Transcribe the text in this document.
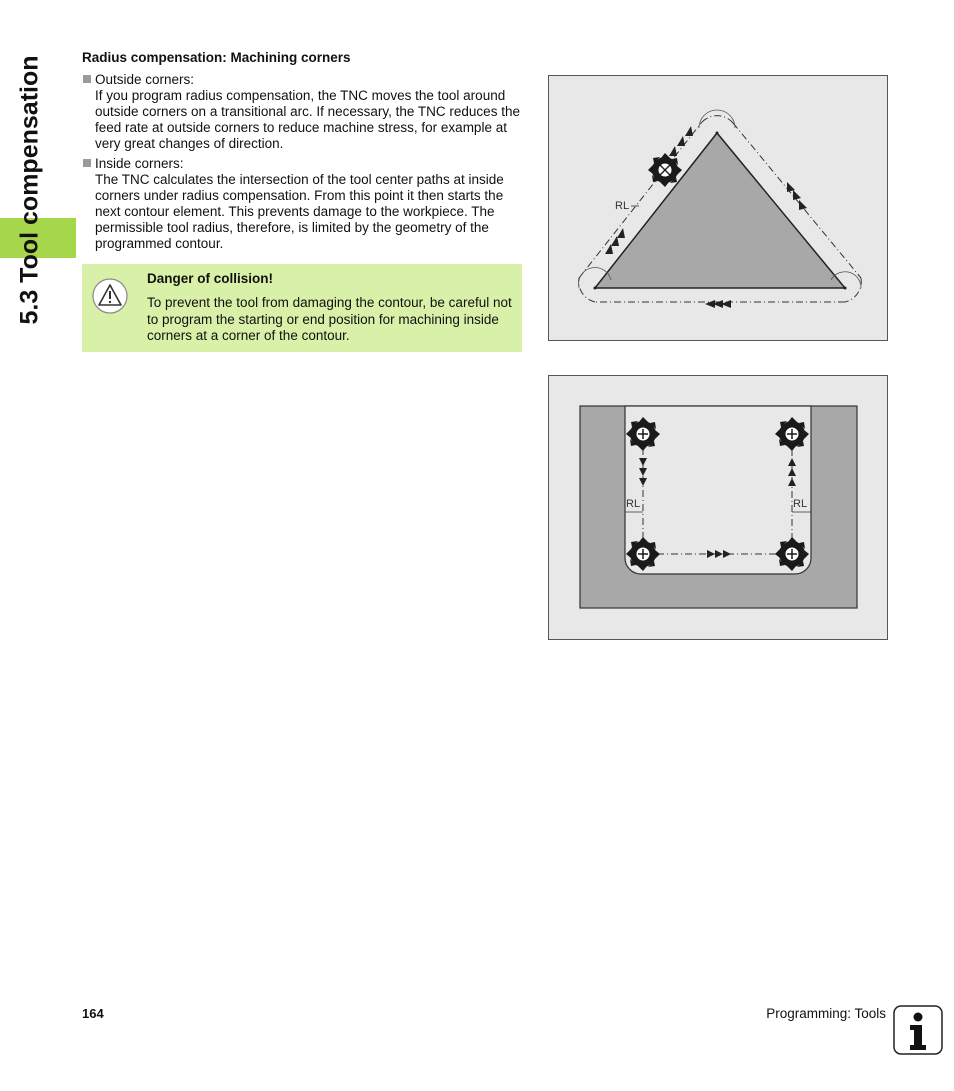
5.3 Tool compensation	Radius compensation: Machining corners

Outside corners:

If you program radius compensation, the TNC moves the tool around outside corners on a transitional arc. If necessary, the TNC reduces the feed rate at outside corners to reduce machine stress, for example at very great changes of direction.

Inside corners:

The TNC calculates the intersection of the tool center paths at inside corners under radius compensation. From this point it then starts the next contour element. This prevents damage to the workpiece. The permissible tool radius, therefore, is limited by the geometry of the programmed contour.

Danger of collision!

To prevent the tool from damaging the contour, be careful not to program the starting or end position for machining inside corners at a corner of the contour.

RL
RL	RL
164	Programming: Tools
